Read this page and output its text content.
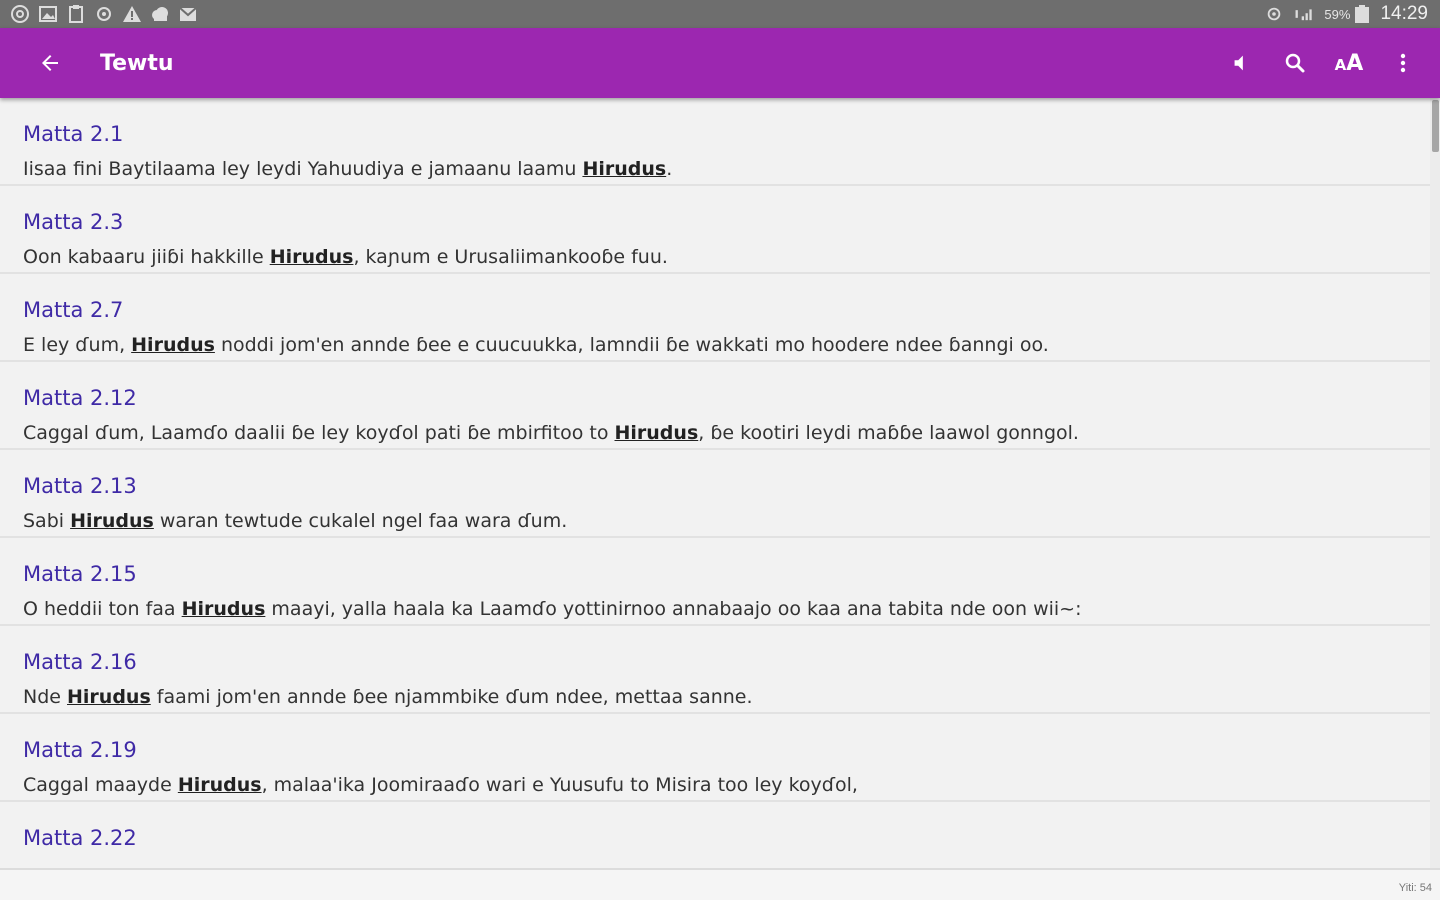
59% 14:29
Tewtu	AA
Matta 2.1
Iisaa fini Baytilaama ley leydi Yahuudiya e jamaanu laamu Hirudus.
Matta 2.3
Oon kabaaru jiiɓi hakkille Hirudus, kaɲum e Urusaliimankooɓe fuu.
Matta 2.7
E ley ɗum, Hirudus noddi jom'en annde ɓee e cuucuukka, lamndii ɓe wakkati mo hoodere ndee ɓanngi oo.
Matta 2.12
Caggal ɗum, Laamɗo daalii ɓe ley koyɗol pati ɓe mbirfitoo to Hirudus, ɓe kootiri leydi maɓɓe laawol gonngol.
Matta 2.13
Sabi Hirudus waran tewtude cukalel ngel faa wara ɗum.
Matta 2.15
O heddii ton faa Hirudus maayi, yalla haala ka Laamɗo yottinirnoo annabaajo oo kaa ana tabita nde oon wii~:
Matta 2.16
Nde Hirudus faami jom'en annde ɓee njammbike ɗum ndee, mettaa sanne.
Matta 2.19
Caggal maayde Hirudus, malaa'ika Joomiraaɗo wari e Yuusufu to Misira too ley koyɗol,
Matta 2.22
Yiti: 54
